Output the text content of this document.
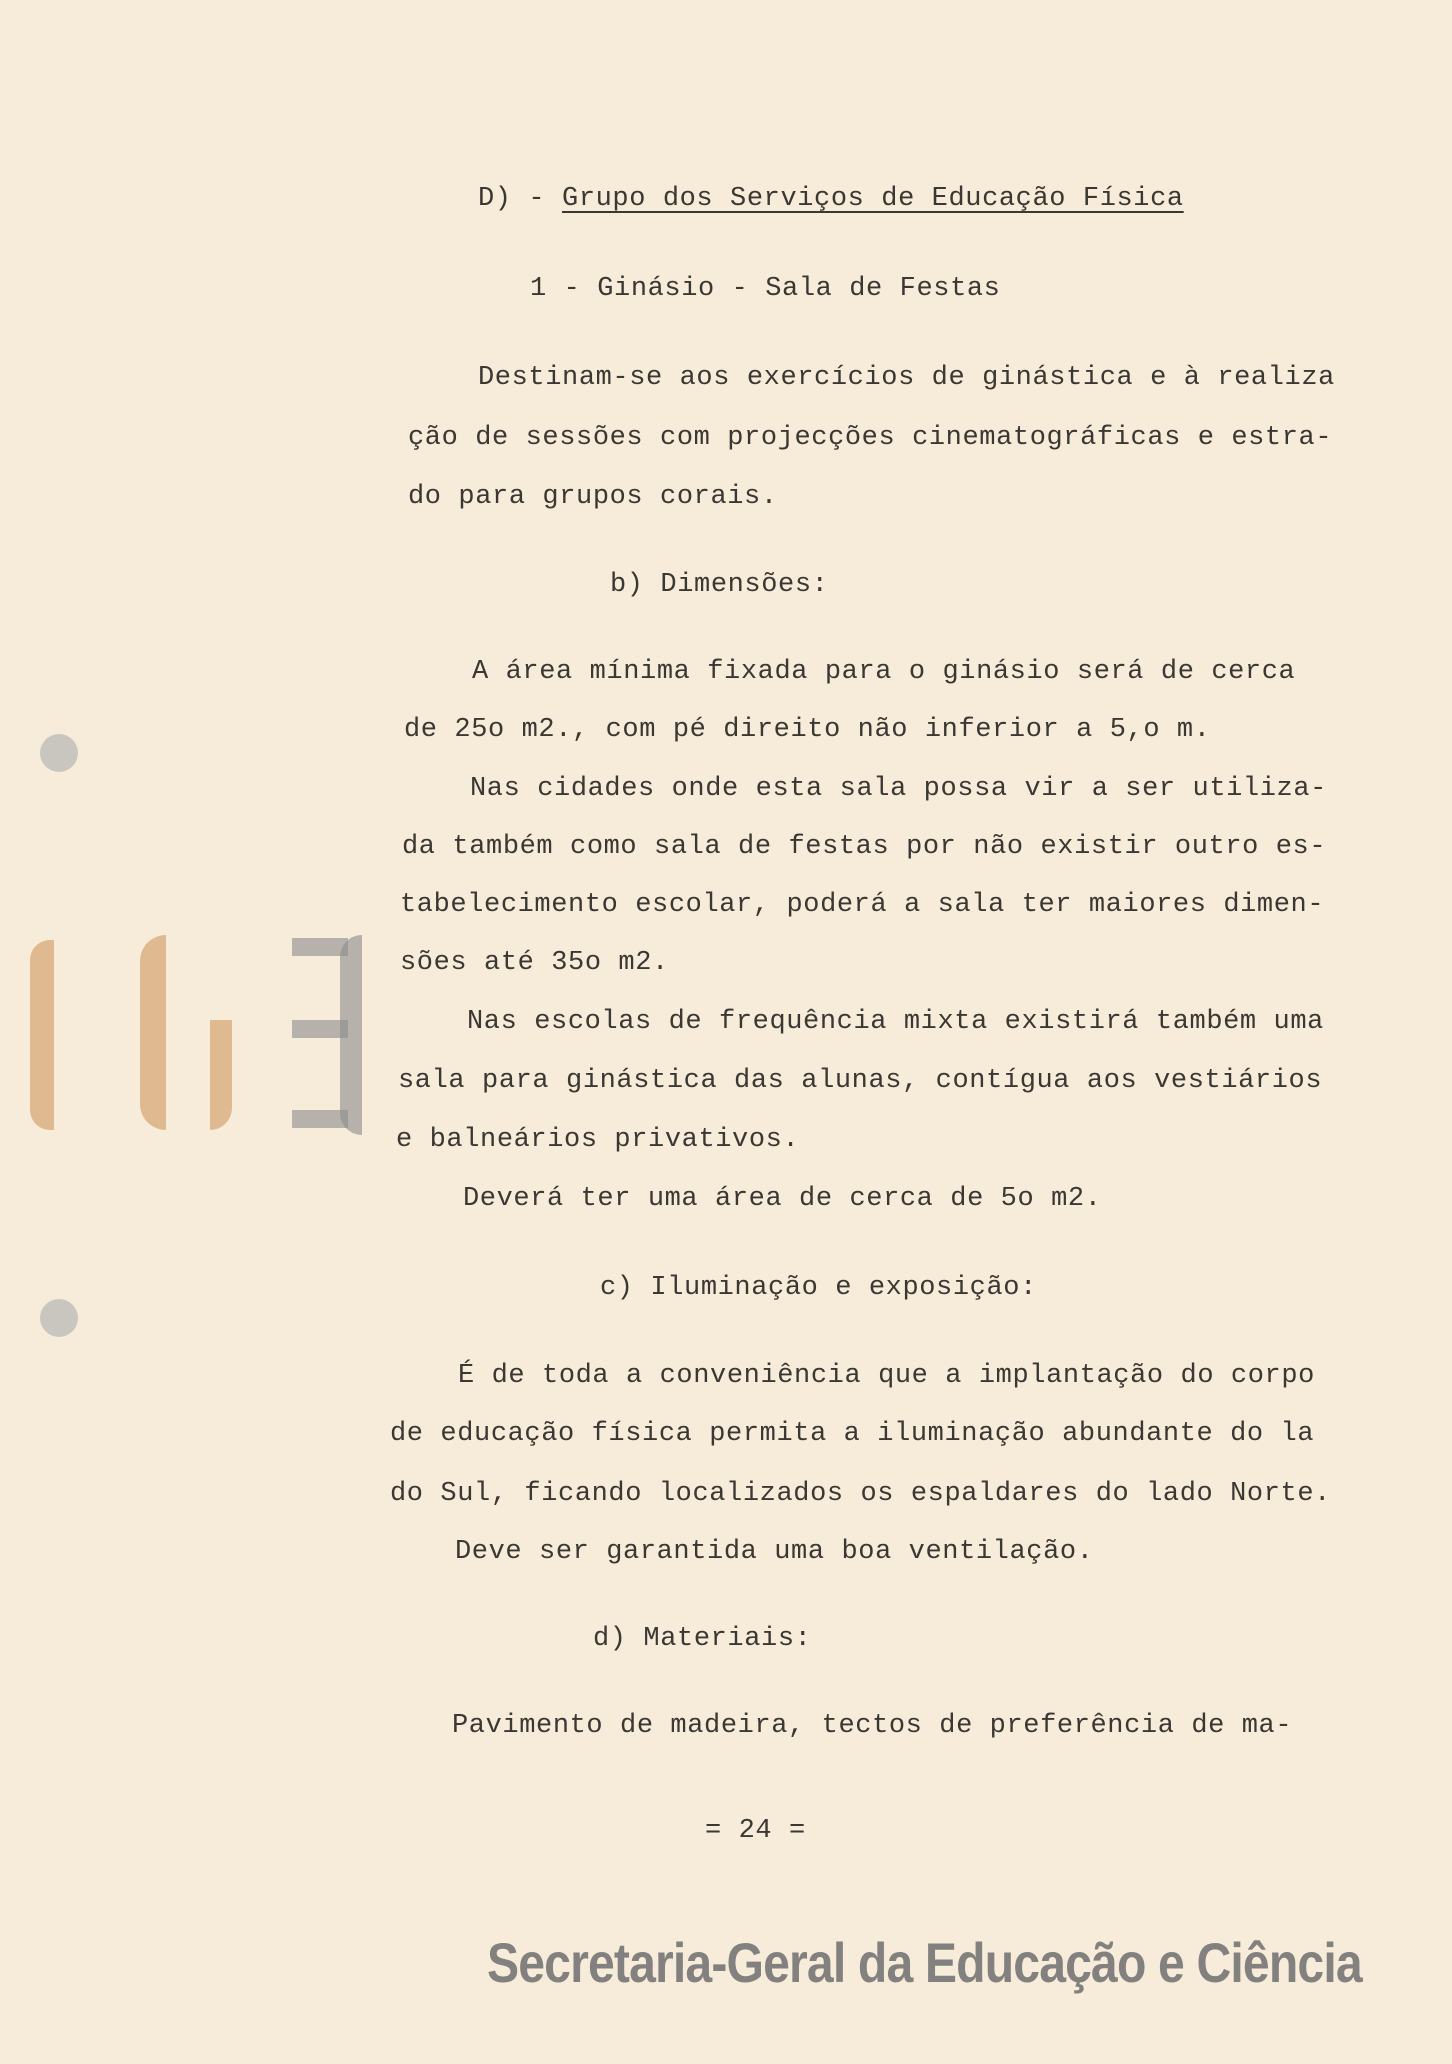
D) - Grupo dos Serviços de Educação Física
1 - Ginásio - Sala de Festas
Destinam-se aos exercícios de ginástica e à realiza
ção de sessões com projecções cinematográficas e estra-
do para grupos corais.
b) Dimensões:
A área mínima fixada para o ginásio será de cerca
de 25o m2., com pé direito não inferior a 5,o m.
Nas cidades onde esta sala possa vir a ser utiliza-
da também como sala de festas por não existir outro es-
tabelecimento escolar, poderá a sala ter maiores dimen-
sões até 35o m2.
Nas escolas de frequência mixta existirá também uma
sala para ginástica das alunas, contígua aos vestiários
e balneários privativos.
Deverá ter uma área de cerca de 5o m2.
c) Iluminação e exposição:
É de toda a conveniência que a implantação do corpo
de educação física permita a iluminação abundante do la
do Sul, ficando localizados os espaldares do lado Norte.
Deve ser garantida uma boa ventilação.
d) Materiais:
Pavimento de madeira, tectos de preferência de ma-
= 24 =
Secretaria-Geral da Educação e Ciência
